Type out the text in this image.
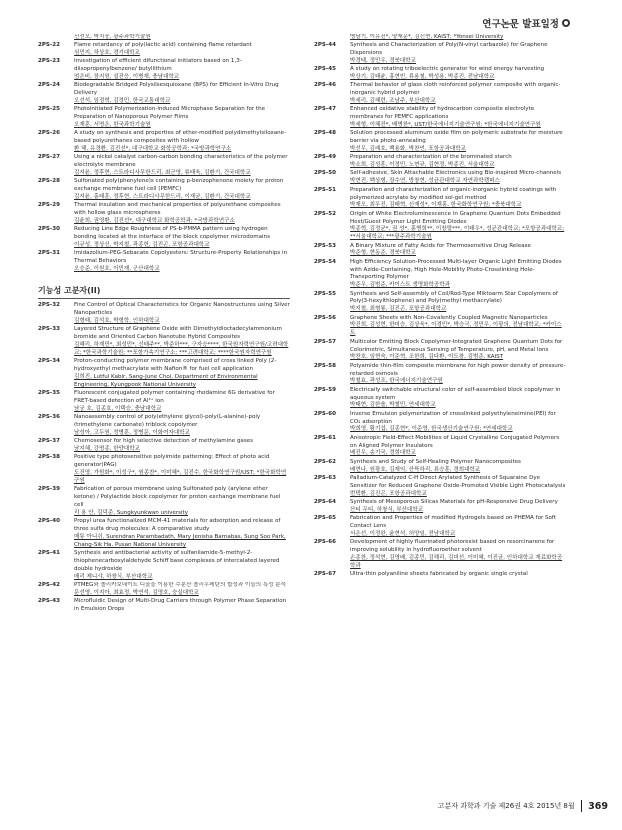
연구논문 발표일정
신선오, 박치웅, 광주과학기술원
2PS-22	Flame retardancy of poly(lactic acid) containing flame retardant
심민지, 차상호, 경기대학교
2PS-23	Investigation of efficient difunctional initiators based on 1,3-diisopropenylbenzene/ butyllithium
엄은비, 장지원, 설진응, 이병재, 충남대학교
2PS-24	Biodegradable Bridged Polysilsesquioxane (BPS) for Efficient In-Vitro Drug Delivery
오선석, 임정혁, 김경민, 한국교통대학교
2PS-25	Photoinitiated Polymerization-induced Microphase Separation for the Preparation of Nanoporous Polymer Films
오재훈, 서명은, 한국과학기술원
2PS-26	A study on synthesis and properties of ether-modified polydimethylsiloxane-based polyurethanes composites with hollow
환 해, 유경환, 김진선*, 대구대학교 화학공학과; *국방과학연구소
2PS-27	Using a nickel catalyst carbon-carbon bonding characteristics of the polymer electrolyte membrane
김지윤, 정후현, 스트라디사무한드리, 최군영, 류태욱, 김환기, 건국대학교
2PS-28	Sulfonated poly(phenylene)s containing p-benzophenone moiety for proton exchange membrane fuel cell (PEMFC)
김지윤, 홍태훈, 정후현, 스트라디사무한드리, 이재균, 김환기, 건국대학교
2PS-29	Thermal insulation and mechanical properties of polyurethane composites with hollow glass microspheres
김윤희, 권영환, 김진선*, 대구대학교 화학공학과; *국방과학연구소
2PS-30	Reducing Line Edge Roughness of PS-b-PMMA pattern using hydrogen bonding located at the interface of the block copolymer microdomains
이규성, 정상신, 박지철, 곽종헌, 김진곤, 포항공과대학교
2PS-31	Imidazolium-PEG-Sebacate Copolyesters: Structure-Property Relationships in Thermal Behaviors
오승준, 이원호, 이민재, 군산대학교
기능성 고분자(II)
2PS-32	Fine Control of Optical Characteristics for Organic Nanostructures using Silver Nanoparticles
김형태, 김석호, 박형학, 인하대학교
2PS-33	Layered Structure of Graphene Oxide with Dimethyldioctadecylammonium bromide and Oriented Carbon Nanotube Hybrid Composites
김혜리, 하재민*, 최성민*, 신태주**, 박준하***, 구자승****, 한국원자력연구원/고려대학교; *한국과학기술원; **포항가속기연구소; ***고려대학교; ****한국원자력연구원
2PS-34	Proton-conducting polymer membrane comprised of cross linked Poly (2-hydroxyethyl methacrylate with Nafion® for fuel cell application
김희진, Lutful Kabir, Sang-June Choi, Department of Environmental Engineering, Kyungpook National University
2PS-35	Fluorescent conjugated polymer containing rhodamine 6G derivative for FRET-based detection of Al³⁺ ion
남궁 호, 김종호, 이택승, 충남대학교
2PS-36	Nanoassembly control of poly(ethylene glycol)-poly(L-alanine)-poly (trimethylene carbonate) triblock copolymer
남성아, 고두원, 정병훈, 정병문, 이화여자대학교
2PS-37	Chemosensor for high selective detection of methylamine gases
남지혜, 강명종, 한양대학교
2PS-38	Positive type photosensitive polyimide patterning: Effect of photo acid generator(PAG)
도진영, 가원화*, 이성구*, 원종찬*, 이미혜*, 김진수, 한국화학연구원/UST; *한국화학연구원
2PS-39	Fabrication of porous membrane using Sulfonated poly (arylene ether ketone) / Polylactide block copolymer for proton exchange membrane fuel cell
리 용 안, 김덕준, Sungkyunkwan university
2PS-40	Propyl urea functionalized MCM-41 materials for adsorption and release of three sulfa drug molecules: A comparative study
매튜 아니쉬, Surendran Parambadath, Mary Jenisha Barnabas, Sung Soo Park, Chang-Sik Ha, Pusan National University
2PS-41	Synthesis and antibacterial activity of sulfanilamide-5-methyl-2-thiophenecarboxylaldehyde Schiff base complexes of intercalated layered double hydroxide
메리 제니샤, 하창식, 부산대학교
2PS-42	PTMEG와 폴리카보네이트 디올을 이용한 수분산 폴리우레탄의 합성과 이들의 특성 분석
문선영, 이지아, 최효정, 박연석, 김영호, 숭실대학교
2PS-43	Microfluidic Design of Multi-Drug Carriers through Polymer Phase Separation in Emulsion Drops
맹남기, 이유진*, 양재문*, 김신현, KAIST; *Yonsei University
2PS-44	Synthesis and Characterization of Poly(N-vinyl carbazole) for Graphene Dispersions
박경태, 정민우, 경북대학교
2PS-45	A study on rotating triboelectric generator for wind energy harvesting
박상기, 김태윤, 홍현빈, 류용철, 박성용, 박종진, 전남대학교
2PS-46	Thermal behavior of glass cloth reinforced polymer composite with organic- inorganic hybrid polymer
박세리, 김혜련, 조남주, 부산대학교
2PS-47	Enhanced oxidative stability of hydrocarbon composite electrolyte membranes for PEMFC applications
박세형, 이혜진*, 배병찬*, UST/한국에너지기술연구원; *한국에너지기술연구원
2PS-48	Solution processed aluminum oxide film on polymeric substrate for moisture barrier via photo-annealing
박선우, 김래호, 백용화, 박찬언, 포항공과대학교
2PS-49	Preparation and characterization of the brominated starch
박소희, 김성훈, 이정민, 노현규, 김현정, 박종진, 서울대학교
2PS-50	Self-adhesive, Skin Attachable Electronics using Bio-inspired Micro-channels
박현진, 백상형, 장수연, 방창현, 성균관대학교 자연과학캠퍼스
2PS-51	Preparation and characterization of organic-inorganic hybrid coatings with polymerized acrylate by modified sol-gel method
박재오, 최우진, 김태혁, 신재성*, 이재홍, 한국화학연구원; *충북대학교
2PS-52	Origin of White Electroluminescence in Graphene Quantum Dots Embedded Host/Guest Polymer Light Emitting Diodes
박종혁, 김정균*, 권 성*, 홍병희**, 이창렬***, 이태우*, 성균관대학교; *포항공과대학교; **서울대학교; ***광주과학기술원
2PS-53	A Binary Mixture of Fatty Acids for Thermosensitive Drug Release
박준형, 현동준, 경북대학교
2PS-54	High Efficiency Solution-Processed Multi-layer Organic Light Emitting Diodes with Azide-Containing, High Hole-Mobility Photo-Crosslinking Hole-Transporting Polymer
박준우, 김범준, 카이스트 생명화학공학과
2PS-55	Synthesis and Self-assembly of Coil/Rod-Type Miktoarm Star Copolymers of Poly(3-hexylthiophene) and Poly(methyl methacrylate)
박지철, 최형룡, 김진곤, 포항공과대학교
2PS-56	Graphene Sheets with Non-Covalently Coupled Magnetic Nanoparticles
박진희, 김성현, 한미승, 김상욱*, 이경민*, 박승극, 정민우, 이광의, 전남대학교; *카이스트
2PS-57	Multicolor Emitting Block Copolymer-Integrated Graphene Quantum Dots for Colorimetric, Simultaneous Sensing of Temperature, pH, and Metal Ions
박찬호, 임현숙, 이준혁, 조한희, 김다환, 이도창, 김범준, KAIST
2PS-58	Polyamide thin-film composite membrane for high power density of pressure-retarded osmosis
박철효, 곽성조, 한국에너지기술연구원
2PS-59	Electrically switchable structural color of self-assembled block copolymer in aqueous system
박태현, 김한솔, 박철민, 연세대학교
2PS-60	Inverse Emulsion polymerization of crosslinked polyethyleneimine(PEI) for CO₂ adsorption
박희영, 황기섭, 김종현*, 이준영, 한국생산기술연구원; *연세대학교
2PS-61	Anisotropic Field-Effect Mobilities of Liquid Crystalline Conjugated Polymers on Aligned Polymer Insulators
배진우, 송기국, 경희대학교
2PS-62	Synthesis and Study of Self-Healing Polymer Nanocomposites
배현나, 원광호, 김재익, 산뜩하리, 류승훈, 경희대학교
2PS-63	Palladium-Catalyzed C-H Direct Arylated Synthesis of Squaraine Dye Sensitizer for Reduced Graphene Oxide-Promoted Visible Light Photocatalysis
번텍환, 김진곤, 포항공과대학교
2PS-64	Synthesis of Mesoporous Silicas Materials for pH-Responsive Drug Delivery
산티 무티, 하창식, 부산대학교
2PS-65	Fabrication and Properties of modified Hydrogels based on PHEMA for Soft Contact Lens
서은선, 이정완, 윤현석, 허양임, 전남대학교
2PS-66	Development of highly fluorinated photoresist based on resorcinarene for improving solubility in hydrofluoroether solvent
손종찬, 정석현, 김영배, 김종민, 김해리, 김미선, 이미혜, 이진균, 인하대학교 재료화학공학과
2PS-67	Ultra-thin polyaniline sheets fabricated by organic single crystal
고분자 과학과 기술 제26권 4호 2015년 8월 369
